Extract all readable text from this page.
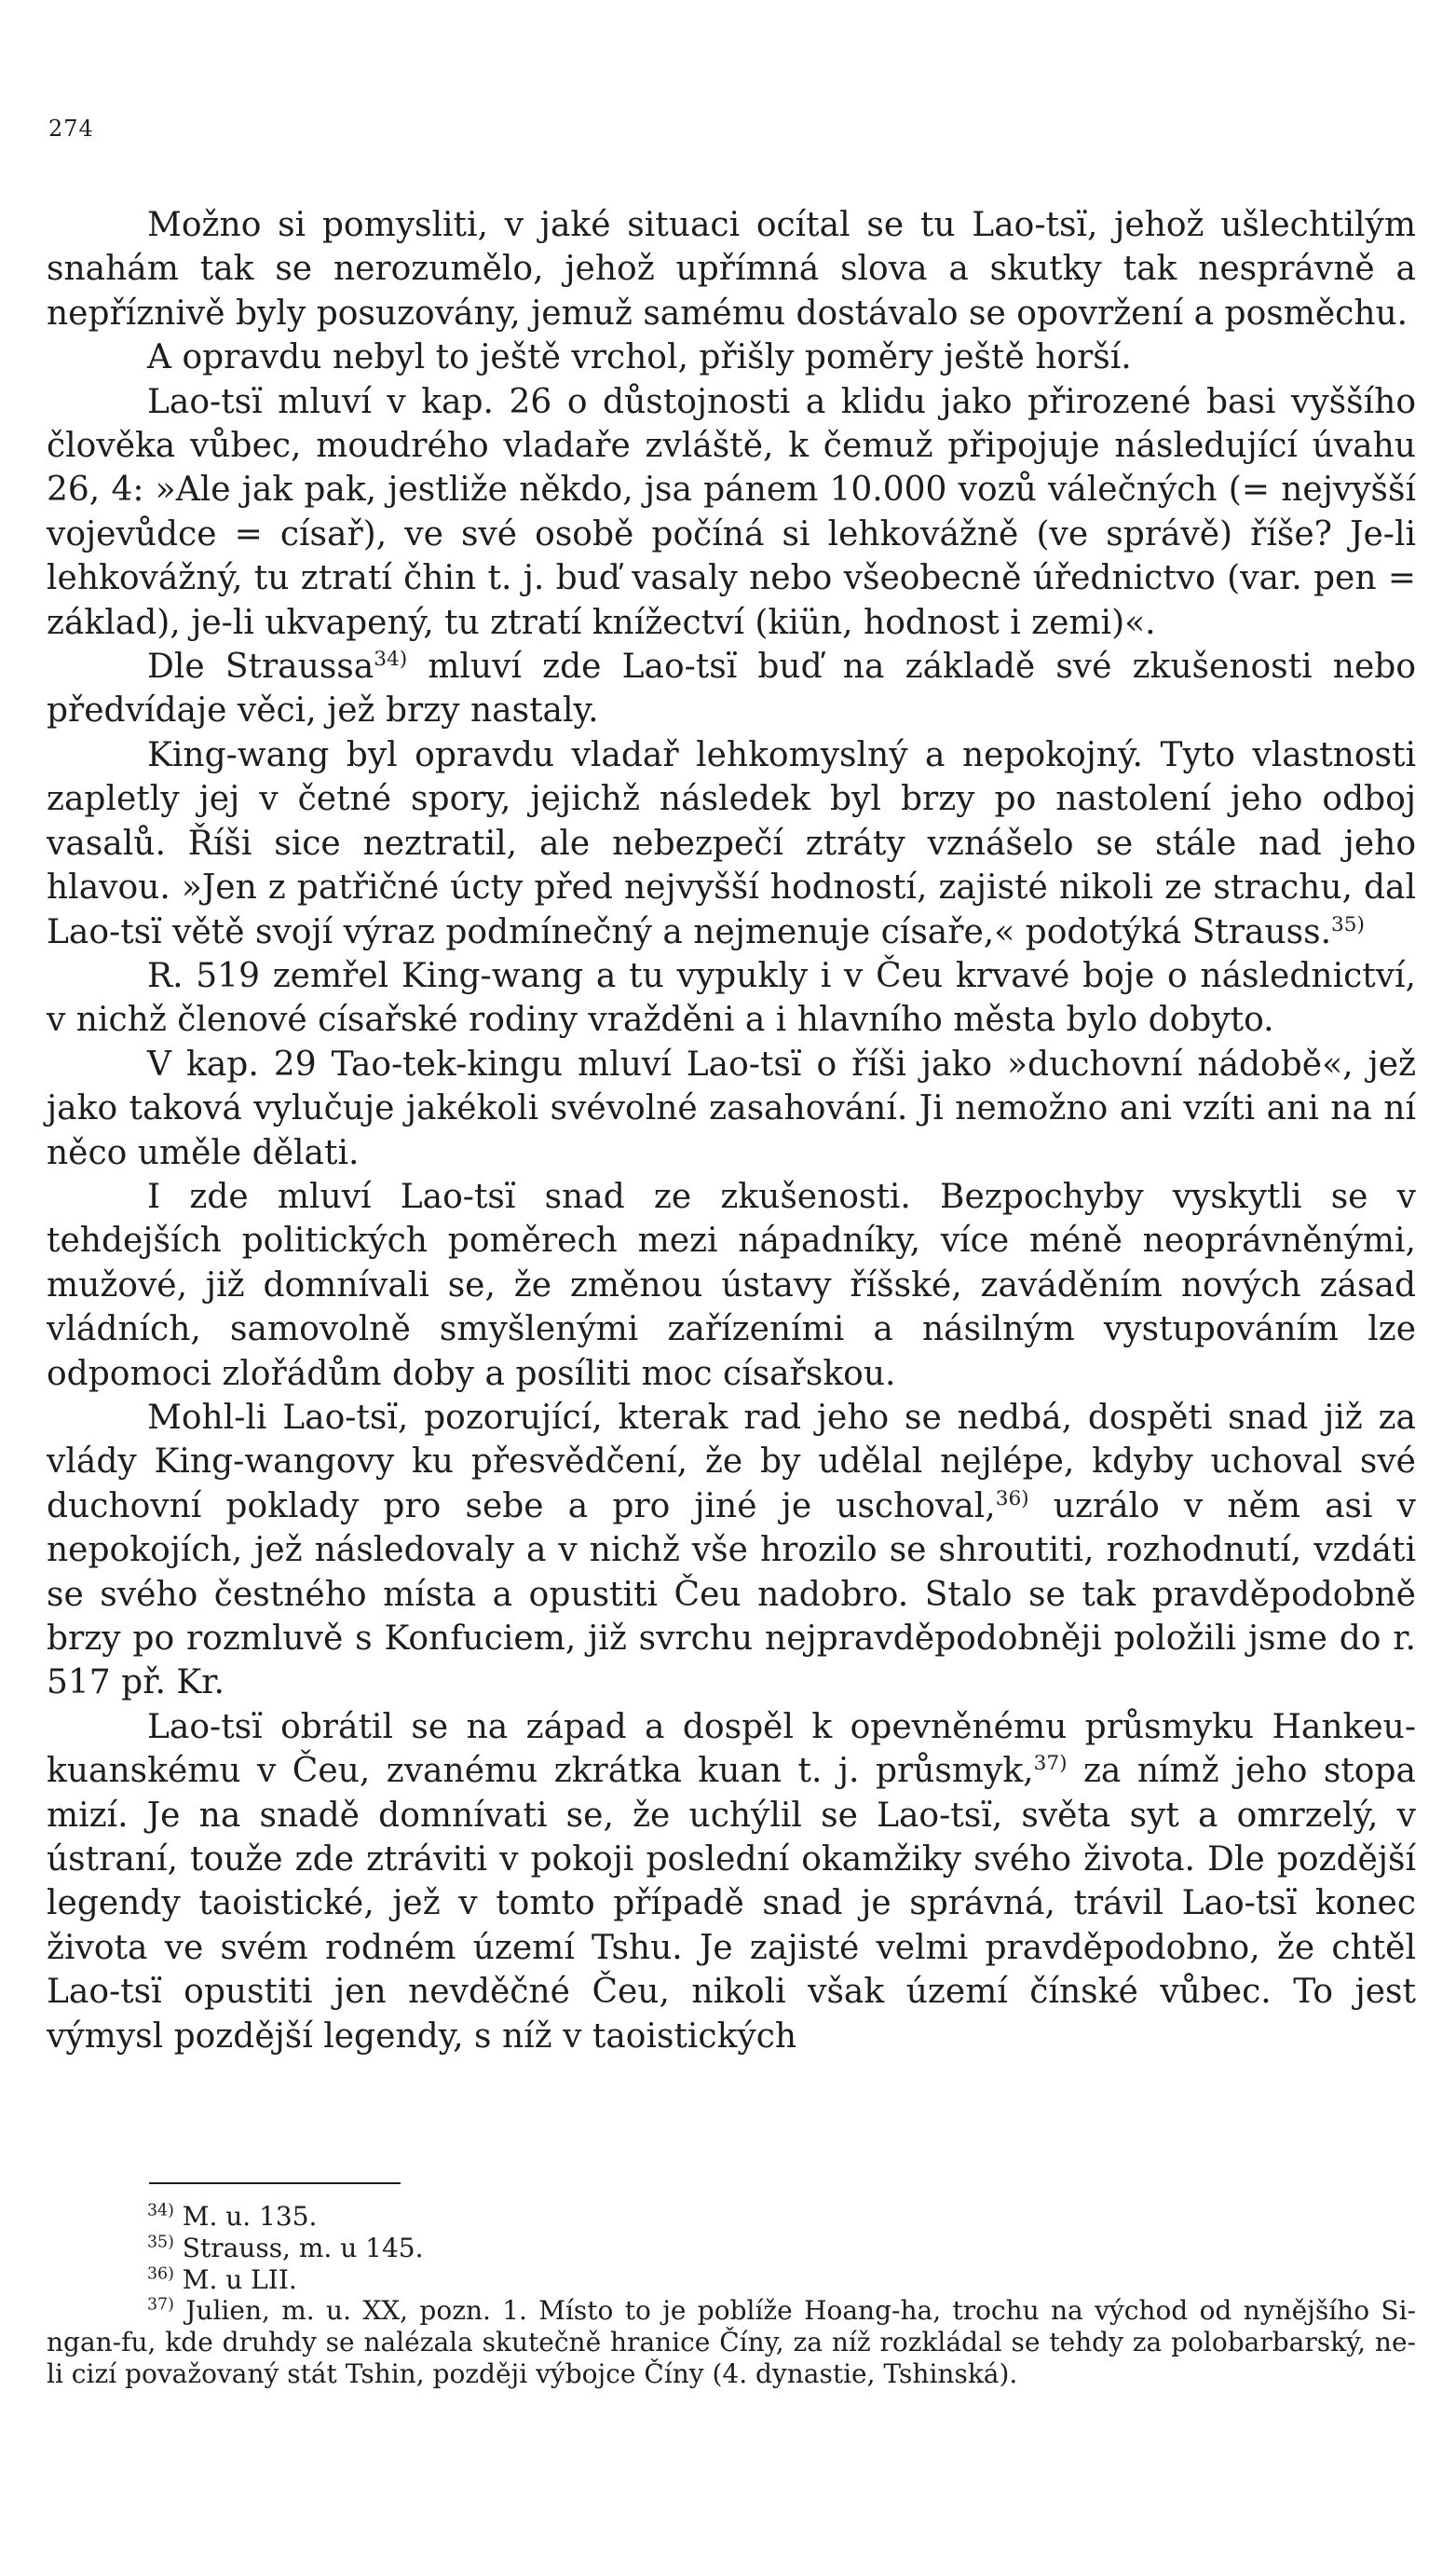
274

Možno si pomysliti, v jaké situaci ocítal se tu Lao-tsï, jehož ušlechtilým snahám tak se nerozumělo, jehož upřímná slova a skutky tak nesprávně a nepříznivě byly posuzovány, jemuž samému dostávalo se opovržení a posměchu.

A opravdu nebyl to ještě vrchol, přišly poměry ještě horší.

Lao-tsï mluví v kap. 26 o důstojnosti a klidu jako přirozené basi vyššího člověka vůbec, moudrého vladaře zvláště, k čemuž připojuje následující úvahu 26, 4: »Ale jak pak, jestliže někdo, jsa pánem 10.000 vozů válečných (= nejvyšší vojevůdce = císař), ve své osobě počíná si lehkovážně (ve správě) říše? Je-li lehkovážný, tu ztratí čhin t. j. buď vasaly nebo všeobecně úřednictvo (var. pen = základ), je-li ukvapený, tu ztratí knížectví (kiün, hodnost i zemi)«.

Dle Straussa$^{34)}$ mluví zde Lao-tsï buď na základě své zkušenosti nebo předvídaje věci, jež brzy nastaly.

King-wang byl opravdu vladař lehkomyslný a nepokojný. Tyto vlastnosti zapletly jej v četné spory, jejichž následek byl brzy po nastolení jeho odboj vasalů. Říši sice neztratil, ale nebezpečí ztráty vznášelo se stále nad jeho hlavou. »Jen z patřičné úcty před nejvyšší hodností, zajisté nikoli ze strachu, dal Lao-tsï větě svojí výraz podmínečný a nejmenuje císaře,« podotýká Strauss.$^{35)}$

R. 519 zemřel King-wang a tu vypukly i v Čeu krvavé boje o následnictví, v nichž členové císařské rodiny vražděni a i hlavního města bylo dobyto.

V kap. 29 Tao-tek-kingu mluví Lao-tsï o říši jako »duchovní nádobě«, jež jako taková vylučuje jakékoli svévolné zasahování. Ji nemožno ani vzíti ani na ní něco uměle dělati.

I zde mluví Lao-tsï snad ze zkušenosti. Bezpochyby vyskytli se v tehdejších politických poměrech mezi nápadníky, více méně neoprávněnými, mužové, již domnívali se, že změnou ústavy říšské, zaváděním nových zásad vládních, samovolně smyšlenými zařízeními a násilným vystupováním lze odpomoci zlořádům doby a posíliti moc císařskou.

Mohl-li Lao-tsï, pozorující, kterak rad jeho se nedbá, dospěti snad již za vlády King-wangovy ku přesvědčení, že by udělal nejlépe, kdyby uchoval své duchovní poklady pro sebe a pro jiné je uschoval,$^{36)}$ uzrálo v něm asi v nepokojích, jež následovaly a v nichž vše hrozilo se shroutiti, rozhodnutí, vzdáti se svého čestného místa a opustiti Čeu nadobro. Stalo se tak pravděpodobně brzy po rozmluvě s Konfuciem, již svrchu nejpravděpodobněji položili jsme do r. 517 př. Kr.

Lao-tsï obrátil se na západ a dospěl k opevněnému průsmyku Hankeu-kuanskému v Čeu, zvanému zkrátka kuan t. j. průsmyk,$^{37)}$ za nímž jeho stopa mizí. Je na snadě domnívati se, že uchýlil se Lao-tsï, světa syt a omrzelý, v ústraní, touže zde ztráviti v pokoji poslední okamžiky svého života. Dle pozdější legendy taoistické, jež v tomto případě snad je správná, trávil Lao-tsï konec života ve svém rodném území Tshu. Je zajisté velmi pravděpodobno, že chtěl Lao-tsï opustiti jen nevděčné Čeu, nikoli však území čínské vůbec. To jest výmysl pozdější legendy, s níž v taoistických

$^{34)}$ M. u. 135.

$^{35)}$ Strauss, m. u 145.

$^{36)}$ M. u LII.

$^{37)}$ Julien, m. u. XX, pozn. 1. Místo to je poblíže Hoang-ha, trochu na východ od nynějšího Si-ngan-fu, kde druhdy se nalézala skutečně hranice Číny, za níž rozkládal se tehdy za polobarbarský, ne-li cizí považovaný stát Tshin, později výbojce Číny (4. dynastie, Tshinská).
